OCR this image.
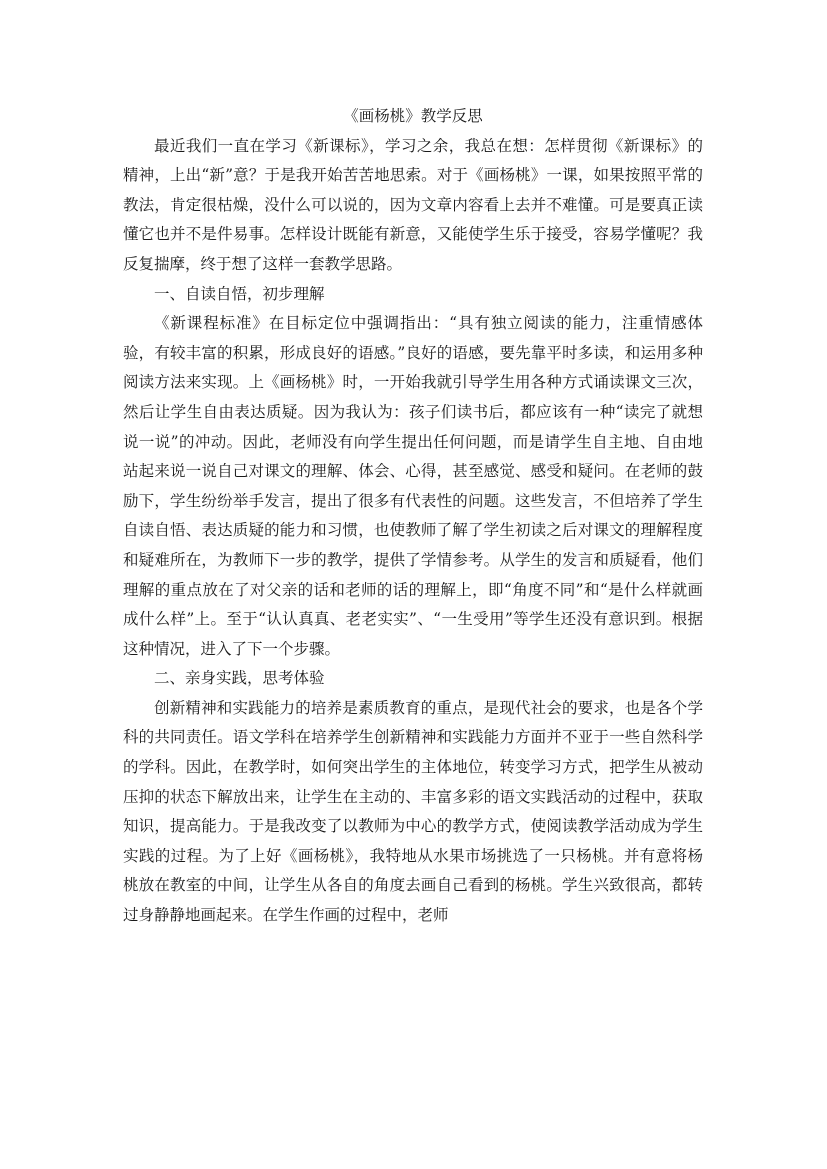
《画杨桃》教学反思

最近我们一直在学习《新课标》，学习之余，我总在想：怎样贯彻《新课标》的精神，上出“新”意？于是我开始苦苦地思索。对于《画杨桃》一课，如果按照平常的教法，肯定很枯燥，没什么可以说的，因为文章内容看上去并不难懂。可是要真正读懂它也并不是件易事。怎样设计既能有新意，又能使学生乐于接受，容易学懂呢？我反复揣摩，终于想了这样一套教学思路。

一、自读自悟，初步理解

《新课程标准》在目标定位中强调指出：“具有独立阅读的能力，注重情感体验，有较丰富的积累，形成良好的语感。”良好的语感，要先靠平时多读，和运用多种阅读方法来实现。上《画杨桃》时，一开始我就引导学生用各种方式诵读课文三次，然后让学生自由表达质疑。因为我认为：孩子们读书后，都应该有一种“读完了就想说一说”的冲动。因此，老师没有向学生提出任何问题，而是请学生自主地、自由地站起来说一说自己对课文的理解、体会、心得，甚至感觉、感受和疑问。在老师的鼓励下，学生纷纷举手发言，提出了很多有代表性的问题。这些发言，不但培养了学生自读自悟、表达质疑的能力和习惯，也使教师了解了学生初读之后对课文的理解程度和疑难所在，为教师下一步的教学，提供了学情参考。从学生的发言和质疑看，他们理解的重点放在了对父亲的话和老师的话的理解上，即“角度不同”和“是什么样就画成什么样”上。至于“认认真真、老老实实”、“一生受用”等学生还没有意识到。根据这种情况，进入了下一个步骤。

二、亲身实践，思考体验

创新精神和实践能力的培养是素质教育的重点，是现代社会的要求，也是各个学科的共同责任。语文学科在培养学生创新精神和实践能力方面并不亚于一些自然科学的学科。因此，在教学时，如何突出学生的主体地位，转变学习方式，把学生从被动压抑的状态下解放出来，让学生在主动的、丰富多彩的语文实践活动的过程中，获取知识，提高能力。于是我改变了以教师为中心的教学方式，使阅读教学活动成为学生实践的过程。为了上好《画杨桃》，我特地从水果市场挑选了一只杨桃。并有意将杨桃放在教室的中间，让学生从各自的角度去画自己看到的杨桃。学生兴致很高，都转过身静静地画起来。在学生作画的过程中，老师
